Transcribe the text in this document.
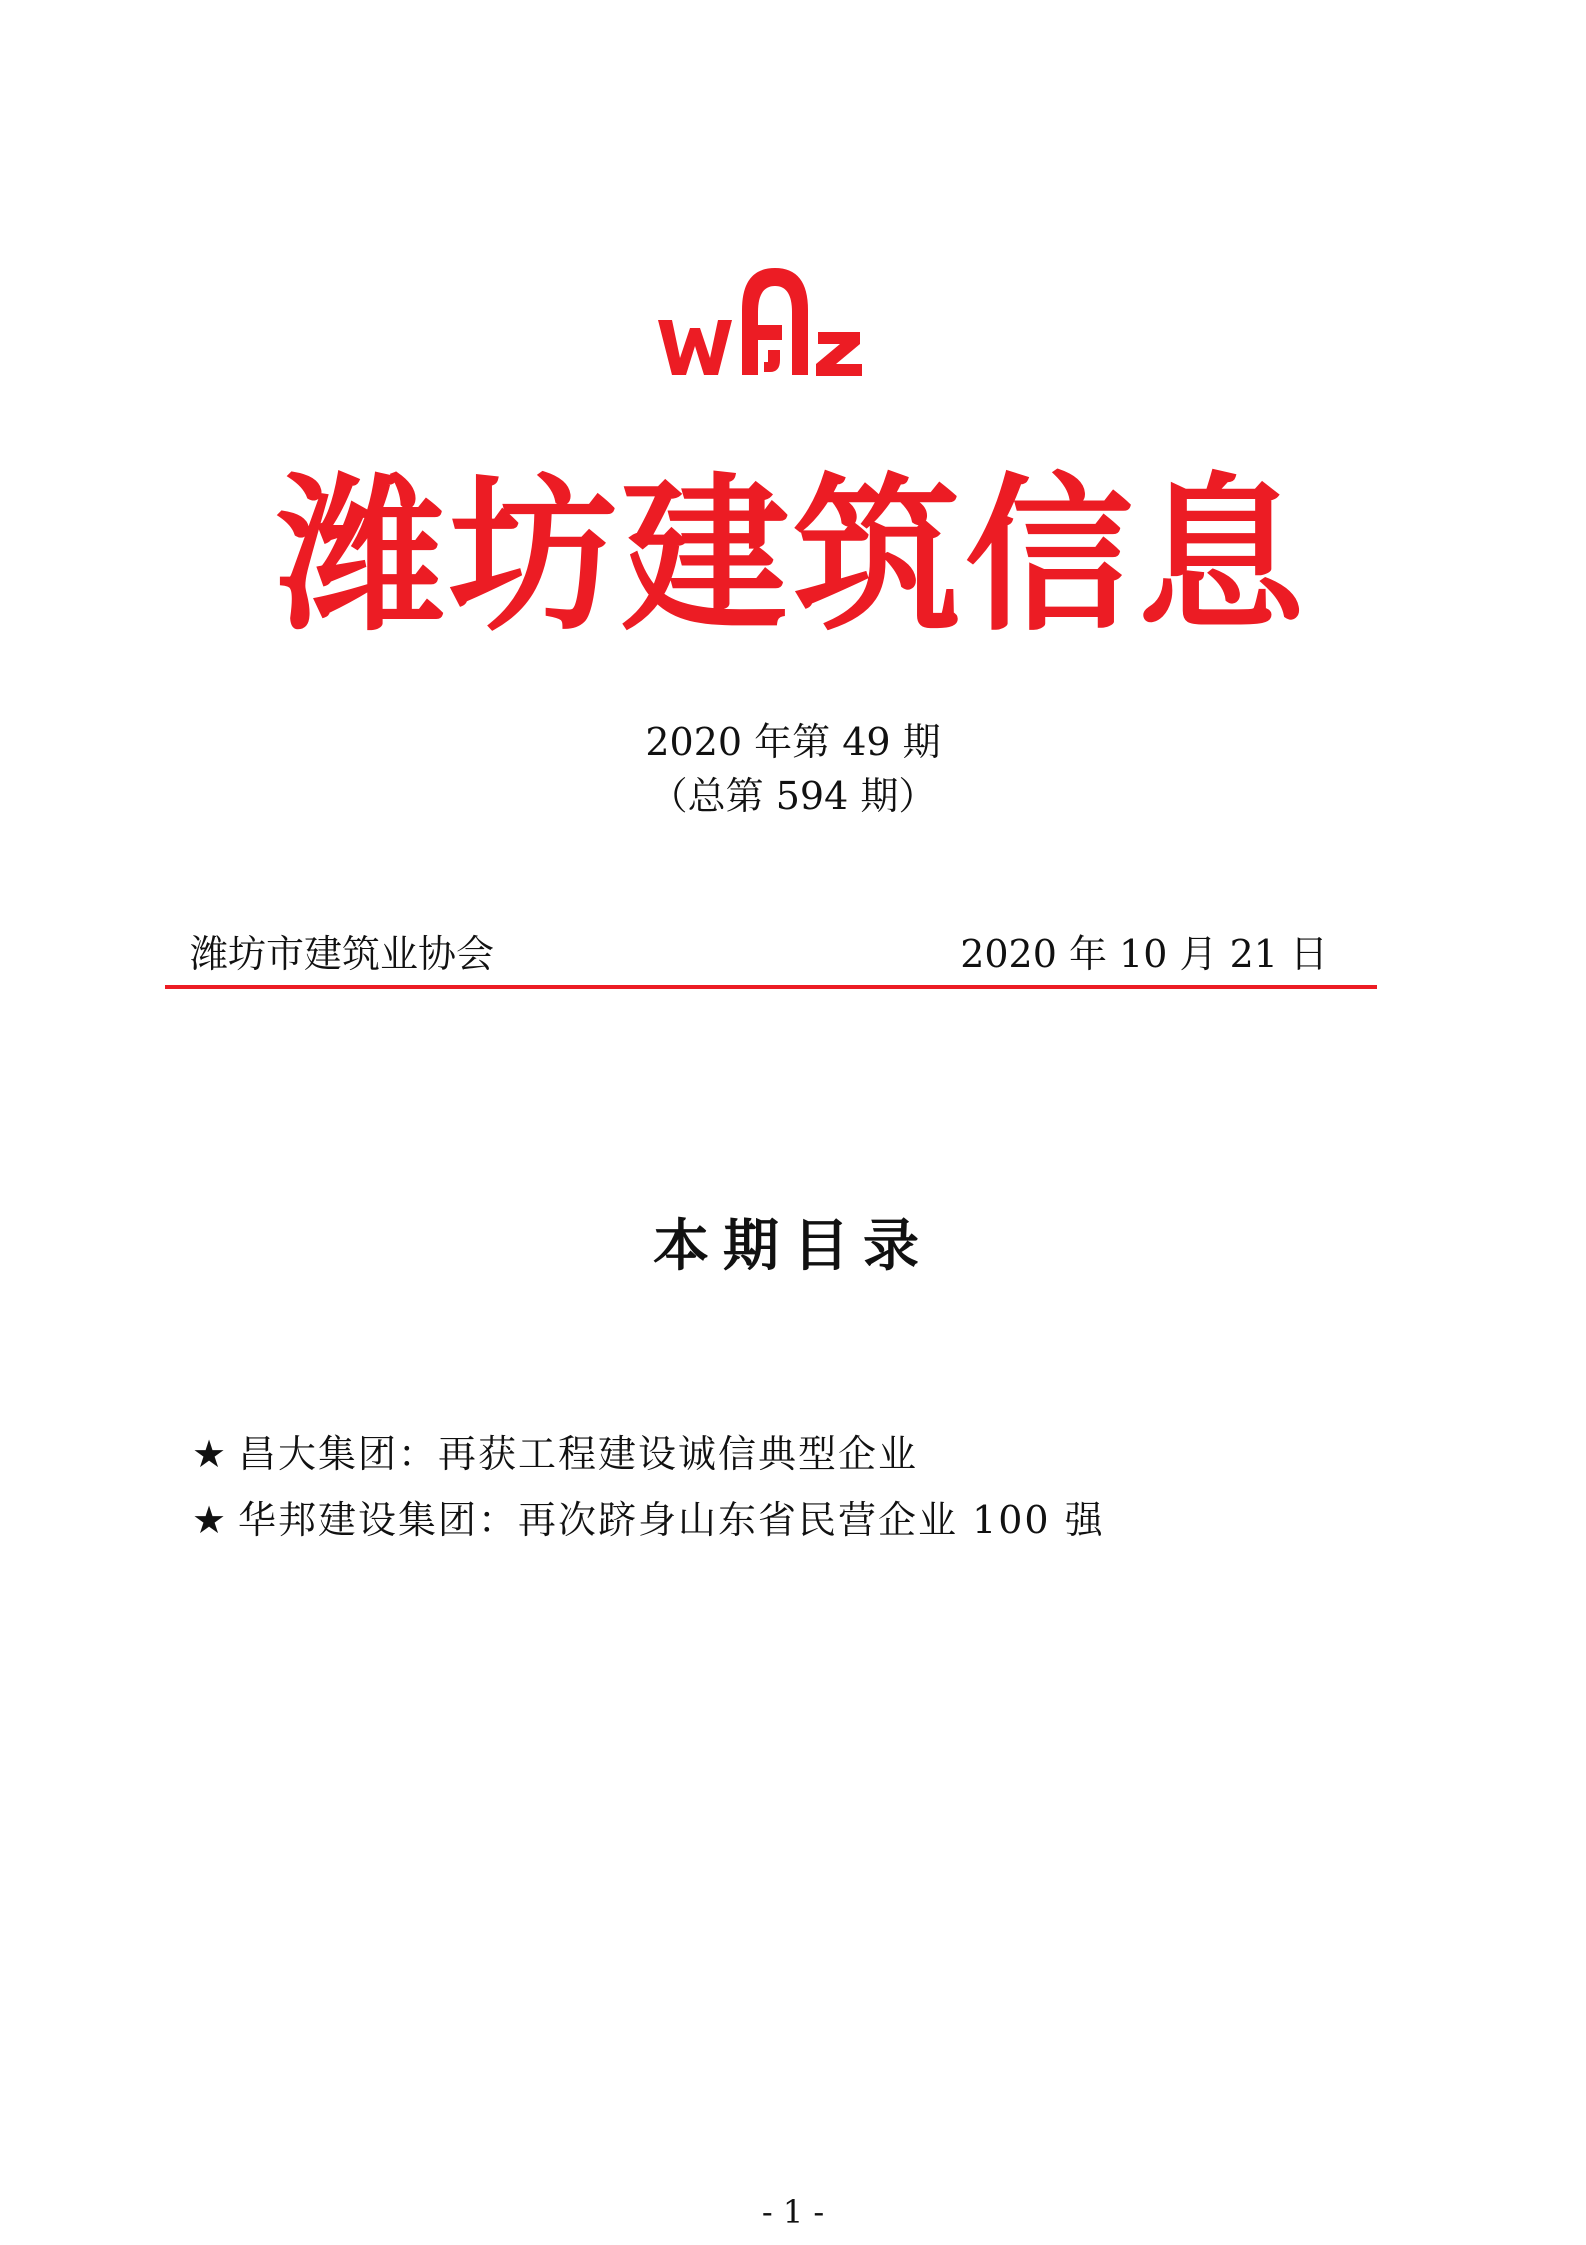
潍坊建筑信息
2020 年第 49 期
（总第 594 期）
潍坊市建筑业协会	2020 年 10 月 21 日
本期目录
★ 昌大集团：再获工程建设诚信典型企业
★ 华邦建设集团：再次跻身山东省民营企业 100 强
- 1 -
